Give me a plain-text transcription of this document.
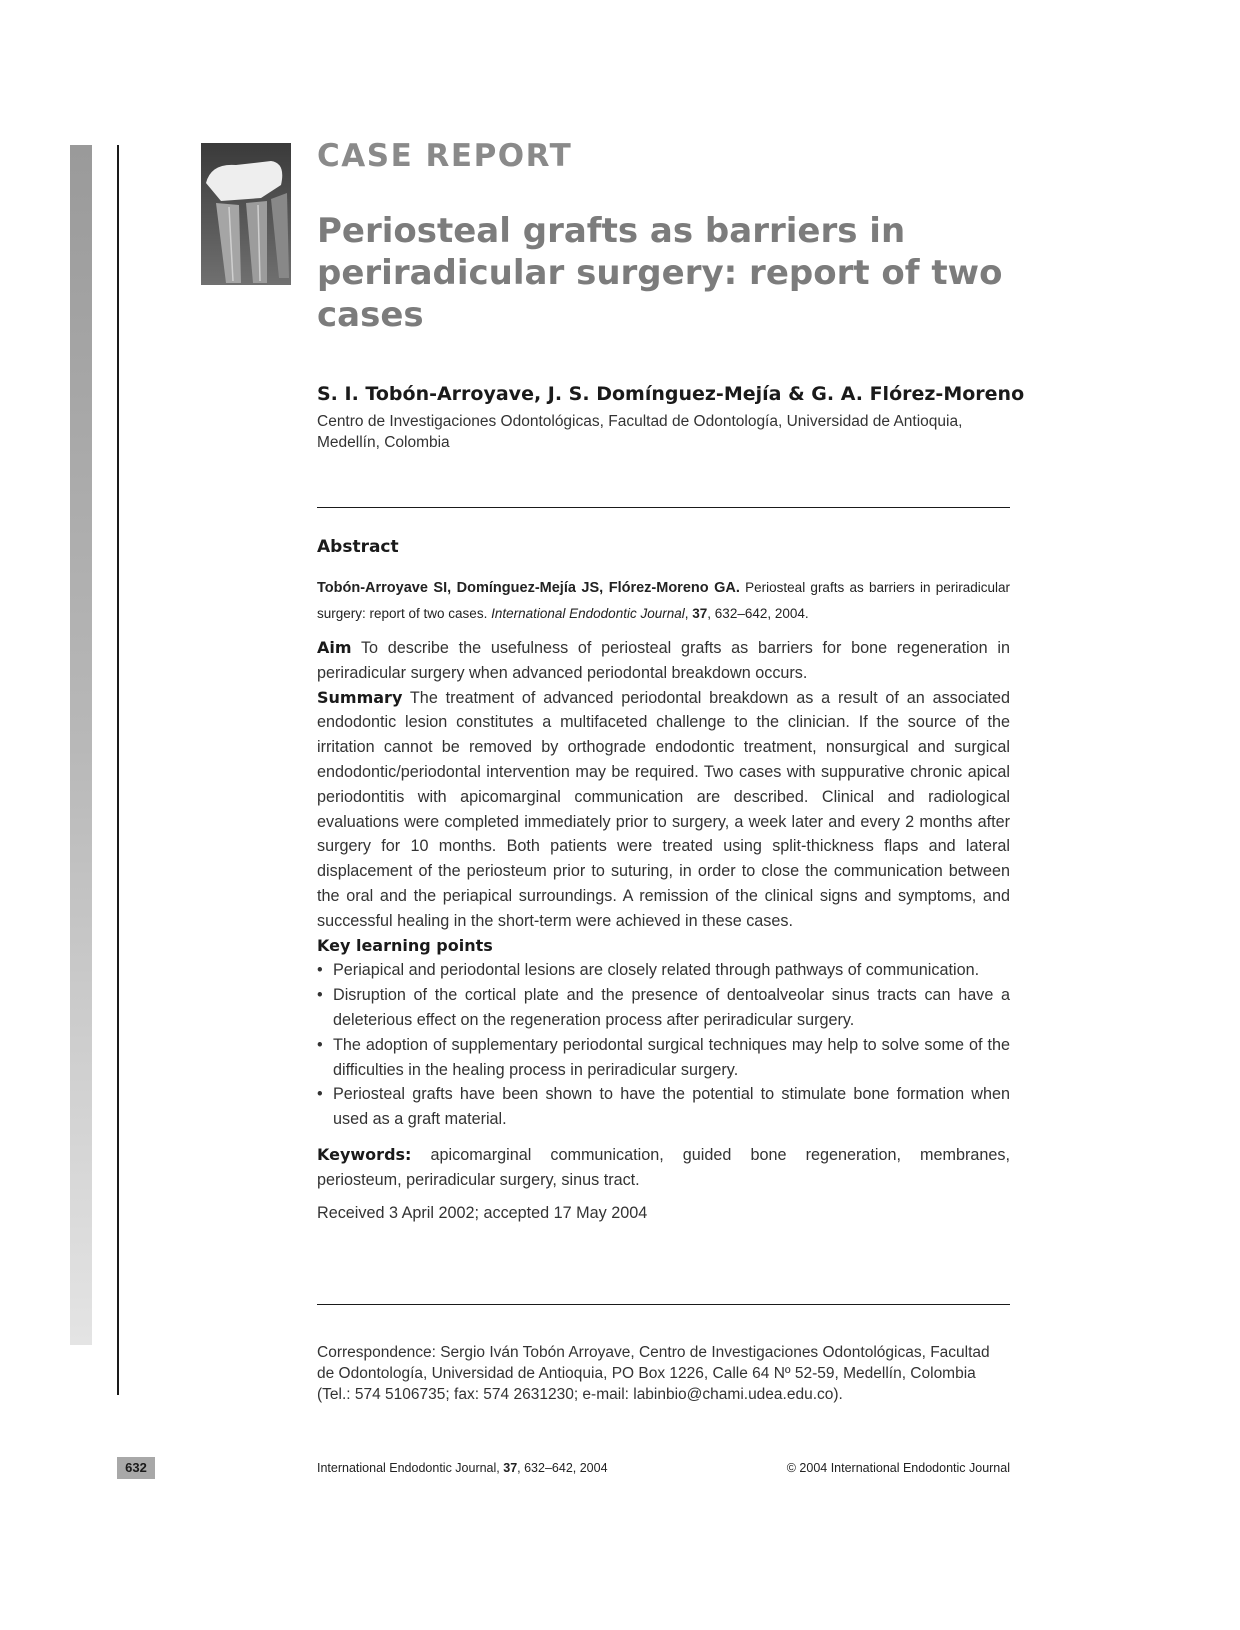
CASE REPORT
Periosteal grafts as barriers in periradicular surgery: report of two cases

S. I. Tobón-Arroyave, J. S. Domínguez-Mejía & G. A. Flórez-Moreno

Centro de Investigaciones Odontológicas, Facultad de Odontología, Universidad de Antioquia, Medellín, Colombia

Abstract

Tobón-Arroyave SI, Domínguez-Mejía JS, Flórez-Moreno GA. Periosteal grafts as barriers in periradicular surgery: report of two cases. International Endodontic Journal, 37, 632–642, 2004.

Aim To describe the usefulness of periosteal grafts as barriers for bone regeneration in periradicular surgery when advanced periodontal breakdown occurs.

Summary The treatment of advanced periodontal breakdown as a result of an associated endodontic lesion constitutes a multifaceted challenge to the clinician. If the source of the irritation cannot be removed by orthograde endodontic treatment, nonsurgical and surgical endodontic/periodontal intervention may be required. Two cases with suppurative chronic apical periodontitis with apicomarginal communication are described. Clinical and radiological evaluations were completed immediately prior to surgery, a week later and every 2 months after surgery for 10 months. Both patients were treated using split-thickness flaps and lateral displacement of the periosteum prior to suturing, in order to close the communication between the oral and the periapical surroundings. A remission of the clinical signs and symptoms, and successful healing in the short-term were achieved in these cases.

Key learning points

• Periapical and periodontal lesions are closely related through pathways of communication.
• Disruption of the cortical plate and the presence of dentoalveolar sinus tracts can have a deleterious effect on the regeneration process after periradicular surgery.
• The adoption of supplementary periodontal surgical techniques may help to solve some of the difficulties in the healing process in periradicular surgery.
• Periosteal grafts have been shown to have the potential to stimulate bone formation when used as a graft material.

Keywords: apicomarginal communication, guided bone regeneration, membranes, periosteum, periradicular surgery, sinus tract.

Received 3 April 2002; accepted 17 May 2004

Correspondence: Sergio Iván Tobón Arroyave, Centro de Investigaciones Odontológicas, Facultad de Odontología, Universidad de Antioquia, PO Box 1226, Calle 64 Nº 52-59, Medellín, Colombia (Tel.: 574 5106735; fax: 574 2631230; e-mail: labinbio@chami.udea.edu.co).

632	International Endodontic Journal, 37, 632–642, 2004	© 2004 International Endodontic Journal
